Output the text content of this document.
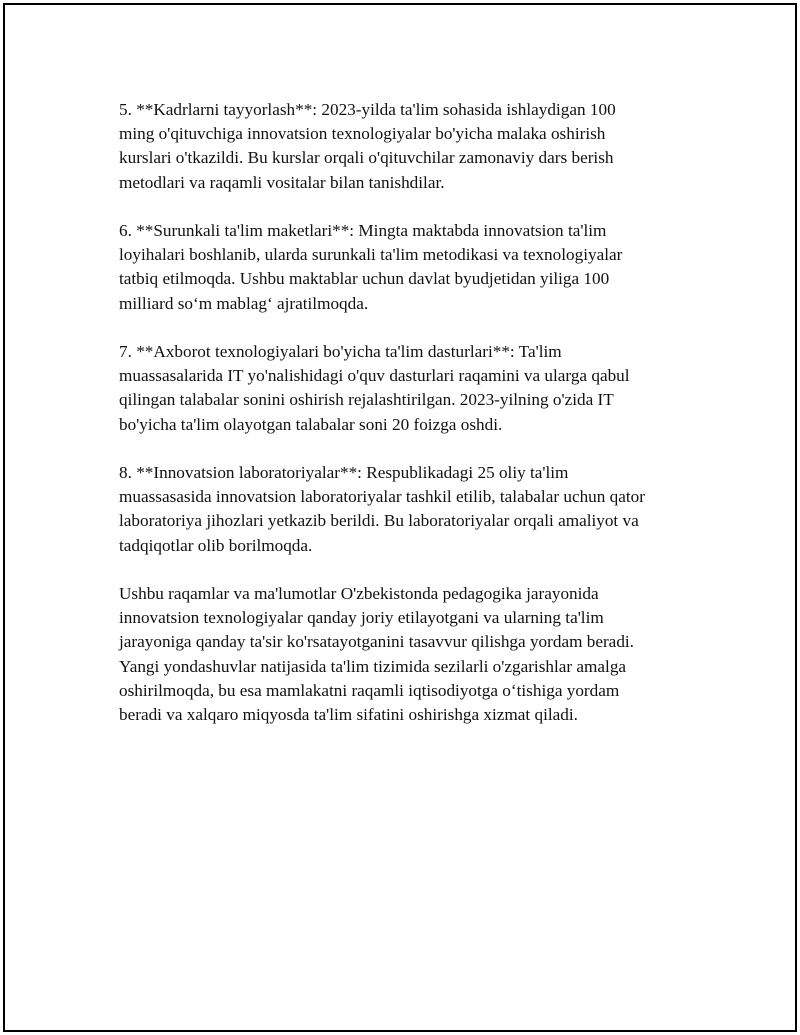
5. **Kadrlarni tayyorlash**: 2023-yilda ta'lim sohasida ishlaydigan 100
ming o'qituvchiga innovatsion texnologiyalar bo'yicha malaka oshirish
kurslari o'tkazildi. Bu kurslar orqali o'qituvchilar zamonaviy dars berish
metodlari va raqamli vositalar bilan tanishdilar.

6. **Surunkali ta'lim maketlari**: Mingta maktabda innovatsion ta'lim
loyihalari boshlanib, ularda surunkali ta'lim metodikasi va texnologiyalar
tatbiq etilmoqda. Ushbu maktablar uchun davlat byudjetidan yiliga 100
milliard so‘m mablag‘ ajratilmoqda.

7. **Axborot texnologiyalari bo'yicha ta'lim dasturlari**: Ta'lim
muassasalarida IT yo'nalishidagi o'quv dasturlari raqamini va ularga qabul
qilingan talabalar sonini oshirish rejalashtirilgan. 2023-yilning o'zida IT
bo'yicha ta'lim olayotgan talabalar soni 20 foizga oshdi.

8. **Innovatsion laboratoriyalar**: Respublikadagi 25 oliy ta'lim
muassasasida innovatsion laboratoriyalar tashkil etilib, talabalar uchun qator
laboratoriya jihozlari yetkazib berildi. Bu laboratoriyalar orqali amaliyot va
tadqiqotlar olib borilmoqda.

Ushbu raqamlar va ma'lumotlar O'zbekistonda pedagogika jarayonida
innovatsion texnologiyalar qanday joriy etilayotgani va ularning ta'lim
jarayoniga qanday ta'sir ko'rsatayotganini tasavvur qilishga yordam beradi.
Yangi yondashuvlar natijasida ta'lim tizimida sezilarli o'zgarishlar amalga
oshirilmoqda, bu esa mamlakatni raqamli iqtisodiyotga o‘tishiga yordam
beradi va xalqaro miqyosda ta'lim sifatini oshirishga xizmat qiladi.
